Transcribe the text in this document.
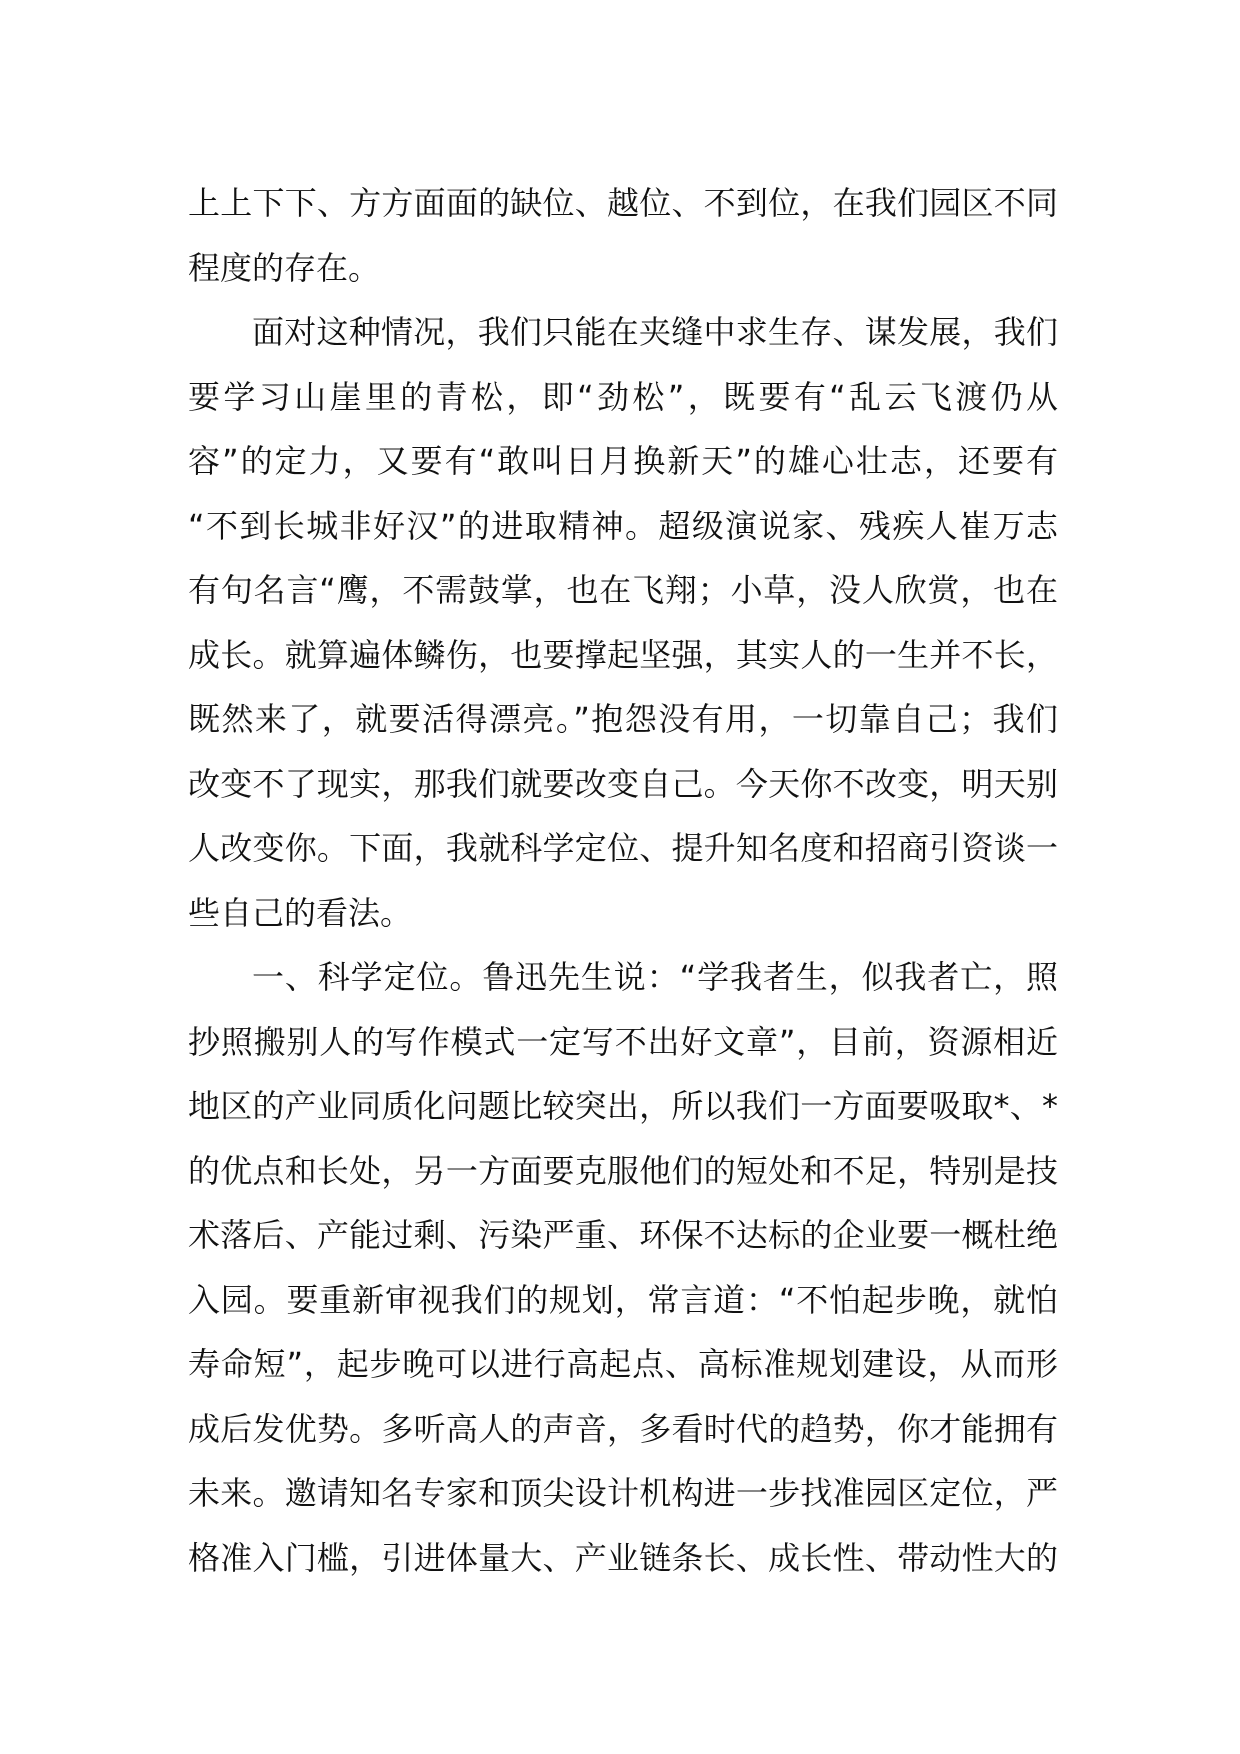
上上下下、方方面面的缺位、越位、不到位，在我们园区不同
程度的存在。

面对这种情况，我们只能在夹缝中求生存、谋发展，我们
要学习山崖里的青松，即“劲松”，既要有“乱云飞渡仍从
容”的定力，又要有“敢叫日月换新天”的雄心壮志，还要有
“不到长城非好汉”的进取精神。超级演说家、残疾人崔万志
有句名言“鹰，不需鼓掌，也在飞翔；小草，没人欣赏，也在
成长。就算遍体鳞伤，也要撑起坚强，其实人的一生并不长，
既然来了，就要活得漂亮。”抱怨没有用，一切靠自己；我们
改变不了现实，那我们就要改变自己。今天你不改变，明天别
人改变你。下面，我就科学定位、提升知名度和招商引资谈一
些自己的看法。

一、科学定位。鲁迅先生说：“学我者生，似我者亡，照
抄照搬别人的写作模式一定写不出好文章”，目前，资源相近
地区的产业同质化问题比较突出，所以我们一方面要吸取*、*
的优点和长处，另一方面要克服他们的短处和不足，特别是技
术落后、产能过剩、污染严重、环保不达标的企业要一概杜绝
入园。要重新审视我们的规划，常言道：“不怕起步晚，就怕
寿命短”，起步晚可以进行高起点、高标准规划建设，从而形
成后发优势。多听高人的声音，多看时代的趋势，你才能拥有
未来。邀请知名专家和顶尖设计机构进一步找准园区定位，严
格准入门槛，引进体量大、产业链条长、成长性、带动性大的
